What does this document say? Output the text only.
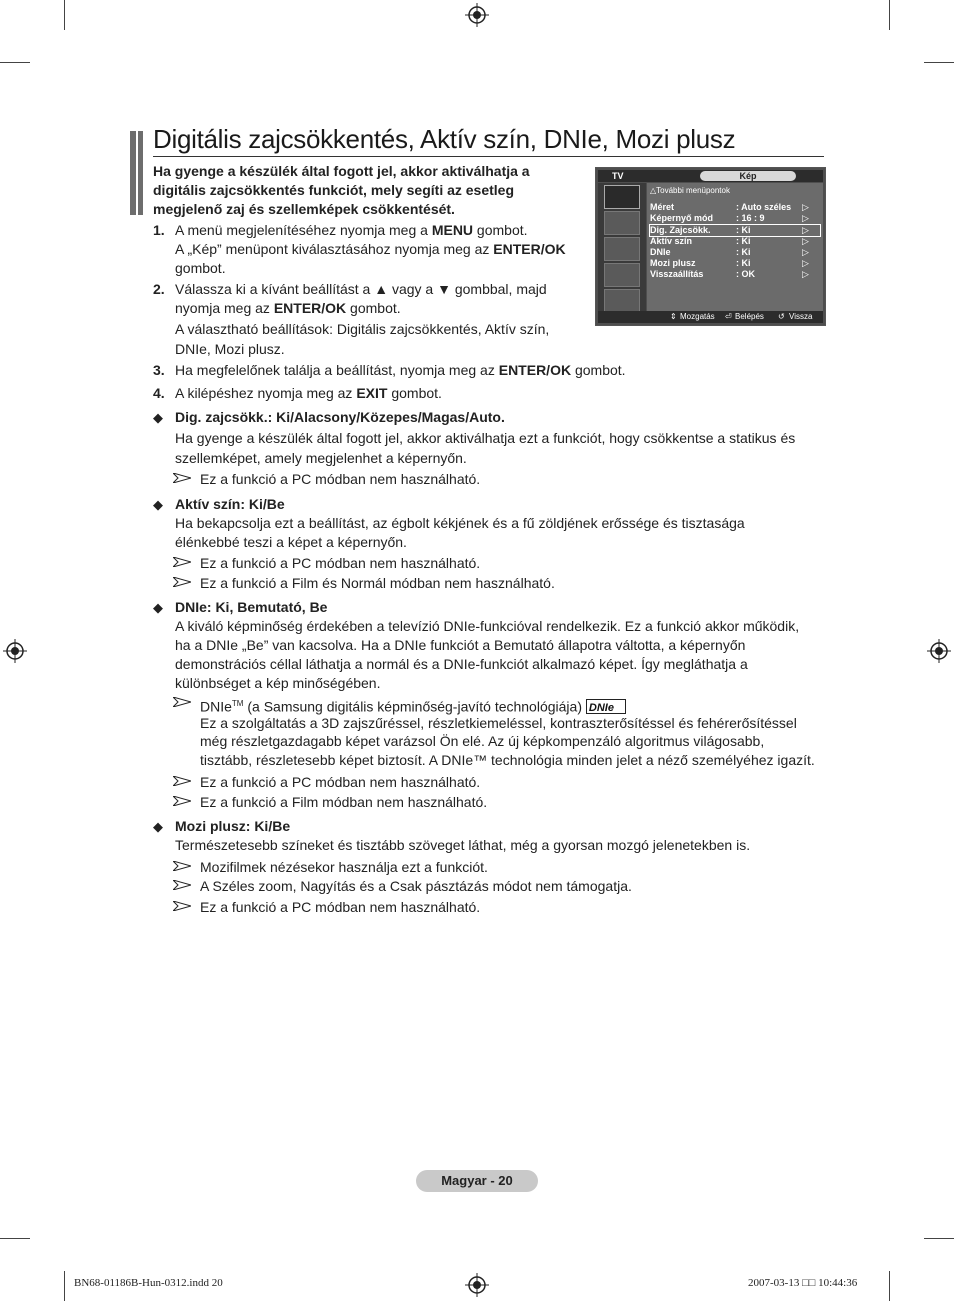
Digitális zajcsökkentés, Aktív szín, DNIe, Mozi plusz
Ha gyenge a készülék által fogott jel, akkor aktiválhatja a digitális zajcsökkentés funkciót, mely segíti az esetleg megjelenő zaj és szellemképek csökkentését.
1. A menü megjelenítéséhez nyomja meg a MENU gombot.
A „Kép” menüpont kiválasztásához nyomja meg az ENTER/OK
gombot.
2. Válassza ki a kívánt beállítást a ▲ vagy a ▼ gombbal, majd
nyomja meg az ENTER/OK gombot.
A választható beállítások: Digitális zajcsökkentés, Aktív szín,
DNIe, Mozi plusz.
3. Ha megfelelőnek találja a beállítást, nyomja meg az ENTER/OK gombot.
4. A kilépéshez nyomja meg az EXIT gombot.
TV	Kép
△További menüpontok
Méret	: Auto széles ▷
Képernyő mód	: 16 : 9	▷
Dig. Zajcsökk.	: Ki	▷
Aktív szín	: Ki	▷
DNIe	: Ki	▷
Mozi plusz	: Ki	▷
Visszaállítás	: OK	▷
⇕ Mozgatás ⏎ Belépés ↺ Vissza
◆ Dig. zajcsökk.: Ki/Alacsony/Közepes/Magas/Auto.
Ha gyenge a készülék által fogott jel, akkor aktiválhatja ezt a funkciót, hogy csökkentse a statikus és
szellemképet, amely megjelenhet a képernyőn.
Ez a funkció a PC módban nem használható.
◆ Aktív szín: Ki/Be
Ha bekapcsolja ezt a beállítást, az égbolt kékjének és a fű zöldjének erőssége és tisztasága
élénkebbé teszi a képet a képernyőn.
Ez a funkció a PC módban nem használható.
Ez a funkció a Film és Normál módban nem használható.
◆ DNIe: Ki, Bemutató, Be
A kiváló képminőség érdekében a televízió DNIe-funkcióval rendelkezik. Ez a funkció akkor működik,
ha a DNIe „Be” van kacsolva. Ha a DNIe funkciót a Bemutató állapotra váltotta, a képernyőn
demonstrációs céllal láthatja a normál és a DNIe-funkciót alkalmazó képet. Így megláthatja a
különbséget a kép minőségében.
DNIe™ (a Samsung digitális képminőség-javító technológiája) DNIe
Ez a szolgáltatás a 3D zajszűréssel, részletkiemeléssel, kontraszterősítéssel és fehérerősítéssel
még részletgazdagabb képet varázsol Ön elé. Az új képkompenzáló algoritmus világosabb,
tisztább, részletesebb képet biztosít. A DNIe™ technológia minden jelet a néző személyéhez igazít.
Ez a funkció a PC módban nem használható.
Ez a funkció a Film módban nem használható.
◆ Mozi plusz: Ki/Be
Természetesebb színeket és tisztább szöveget láthat, még a gyorsan mozgó jelenetekben is.
Mozifilmek nézésekor használja ezt a funkciót.
A Széles zoom, Nagyítás és a Csak pásztázás módot nem támogatja.
Ez a funkció a PC módban nem használható.
Magyar - 20
BN68-01186B-Hun-0312.indd 20	2007-03-13 □□ 10:44:36
